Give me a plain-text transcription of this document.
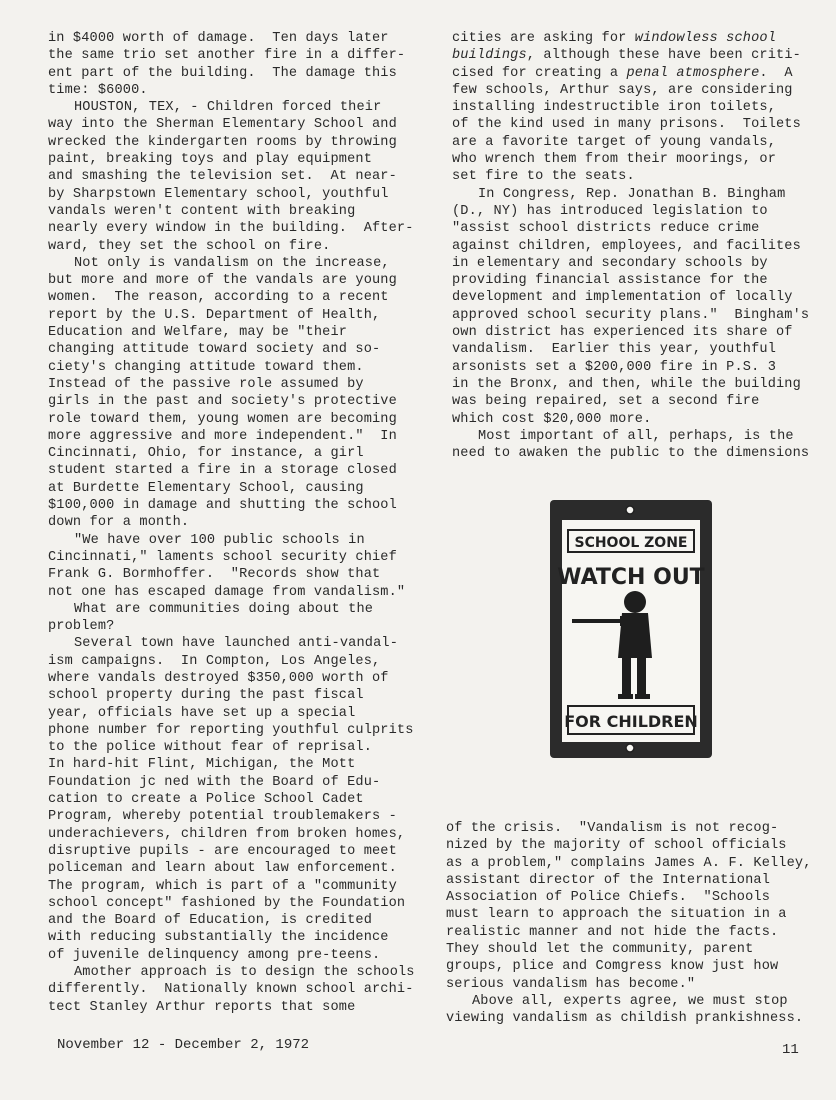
in $4000 worth of damage.  Ten days later
the same trio set another fire in a differ-
ent part of the building.  The damage this
time: $6000.
HOUSTON, TEX, - Children forced their
way into the Sherman Elementary School and
wrecked the kindergarten rooms by throwing
paint, breaking toys and play equipment
and smashing the television set.  At near-
by Sharpstown Elementary school, youthful
vandals weren't content with breaking
nearly every window in the building.  After-
ward, they set the school on fire.
Not only is vandalism on the increase,
but more and more of the vandals are young
women.  The reason, according to a recent
report by the U.S. Department of Health,
Education and Welfare, may be "their
changing attitude toward society and so-
ciety's changing attitude toward them.
Instead of the passive role assumed by
girls in the past and society's protective
role toward them, young women are becoming
more aggressive and more independent."  In
Cincinnati, Ohio, for instance, a girl
student started a fire in a storage closed
at Burdette Elementary School, causing
$100,000 in damage and shutting the school
down for a month.
"We have over 100 public schools in
Cincinnati," laments school security chief
Frank G. Bormhoffer.  "Records show that
not one has escaped damage from vandalism."
What are communities doing about the
problem?
Several town have launched anti-vandal-
ism campaigns.  In Compton, Los Angeles,
where vandals destroyed $350,000 worth of
school property during the past fiscal
year, officials have set up a special
phone number for reporting youthful culprits
to the police without fear of reprisal.
In hard-hit Flint, Michigan, the Mott
Foundation jc ned with the Board of Edu-
cation to create a Police School Cadet
Program, whereby potential troublemakers -
underachievers, children from broken homes,
disruptive pupils - are encouraged to meet
policeman and learn about law enforcement.
The program, which is part of a "community
school concept" fashioned by the Foundation
and the Board of Education, is credited
with reducing substantially the incidence
of juvenile delinquency among pre-teens.
Amother approach is to design the schools
differently.  Nationally known school archi-
tect Stanley Arthur reports that some
cities are asking for windowless school
buildings, although these have been criti-
cised for creating a penal atmosphere.  A
few schools, Arthur says, are considering
installing indestructible iron toilets,
of the kind used in many prisons.  Toilets
are a favorite target of young vandals,
who wrench them from their moorings, or
set fire to the seats.
In Congress, Rep. Jonathan B. Bingham
(D., NY) has introduced legislation to
"assist school districts reduce crime
against children, employees, and facilites
in elementary and secondary schools by
providing financial assistance for the
development and implementation of locally
approved school security plans."  Bingham's
own district has experienced its share of
vandalism.  Earlier this year, youthful
arsonists set a $200,000 fire in P.S. 3
in the Bronx, and then, while the building
was being repaired, set a second fire
which cost $20,000 more.
Most important of all, perhaps, is the
need to awaken the public to the dimensions
SCHOOL ZONE
WATCH OUT
FOR CHILDREN
of the crisis.  "Vandalism is not recog-
nized by the majority of school officials
as a problem," complains James A. F. Kelley,
assistant director of the International
Association of Police Chiefs.  "Schools
must learn to approach the situation in a
realistic manner and not hide the facts.
They should let the community, parent
groups, plice and Comgress know just how
serious vandalism has become."
Above all, experts agree, we must stop
viewing vandalism as childish prankishness.
November 12 - December 2, 1972	11
